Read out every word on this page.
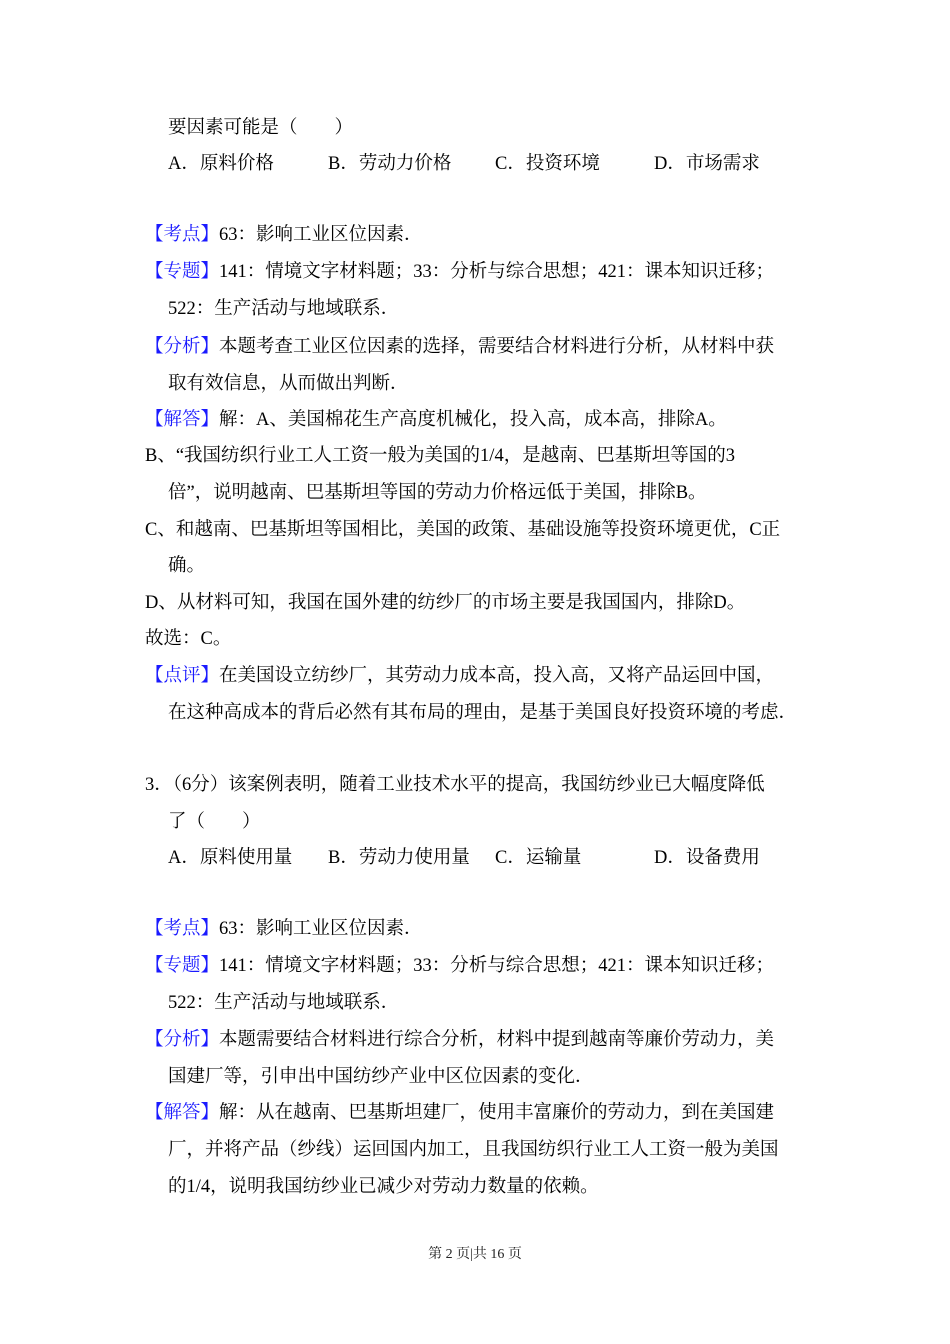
要因素可能是（　　）
A．原料价格	B．劳动力价格 C．投资环境	D．市场需求
【考点】63：影响工业区位因素．
【专题】141：情境文字材料题；33：分析与综合思想；421：课本知识迁移；
522：生产活动与地域联系．
【分析】本题考查工业区位因素的选择，需要结合材料进行分析，从材料中获
取有效信息，从而做出判断．
【解答】解：A、美国棉花生产高度机械化，投入高，成本高，排除A。
B、“我国纺织行业工人工资一般为美国的1/4，是越南、巴基斯坦等国的3
倍”，说明越南、巴基斯坦等国的劳动力价格远低于美国，排除B。
C、和越南、巴基斯坦等国相比，美国的政策、基础设施等投资环境更优，C正
确。
D、从材料可知，我国在国外建的纺纱厂的市场主要是我国国内，排除D。
故选：C。
【点评】在美国设立纺纱厂，其劳动力成本高，投入高，又将产品运回中国，
在这种高成本的背后必然有其布局的理由，是基于美国良好投资环境的考虑．
3．（6分）该案例表明，随着工业技术水平的提高，我国纺纱业已大幅度降低
了（　　）
A．原料使用量 B．劳动力使用量 C．运输量	D．设备费用
【考点】63：影响工业区位因素．
【专题】141：情境文字材料题；33：分析与综合思想；421：课本知识迁移；
522：生产活动与地域联系．
【分析】本题需要结合材料进行综合分析，材料中提到越南等廉价劳动力，美
国建厂等，引申出中国纺纱产业中区位因素的变化．
【解答】解：从在越南、巴基斯坦建厂，使用丰富廉价的劳动力，到在美国建
厂，并将产品（纱线）运回国内加工，且我国纺织行业工人工资一般为美国
的1/4，说明我国纺纱业已减少对劳动力数量的依赖。
第 2 页|共 16 页
